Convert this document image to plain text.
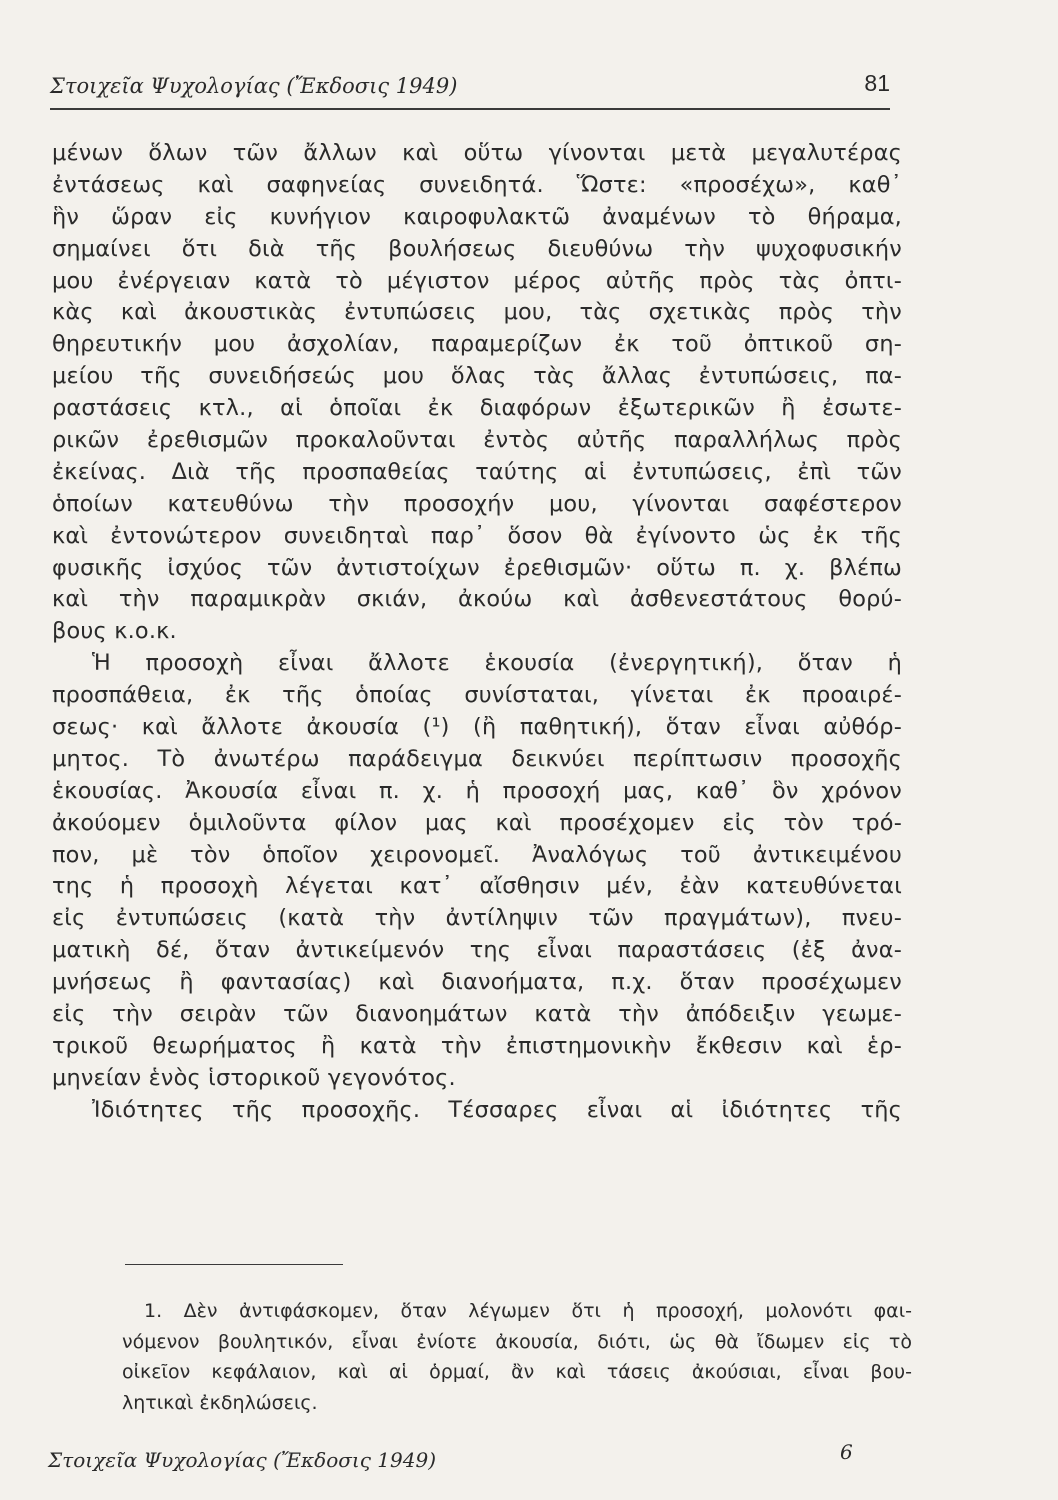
Στοιχεῖα Ψυχολογίας (Ἔκδοσις 1949)	81
μένων ὅλων τῶν ἄλλων καὶ οὕτω γίνονται μετὰ μεγαλυτέρας
ἐντάσεως καὶ σαφηνείας συνειδητά. Ὥστε: «προσέχω», καθ᾿
ἣν ὥραν εἰς κυνήγιον καιροφυλακτῶ ἀναμένων τὸ θήραμα,
σημαίνει ὅτι διὰ τῆς βουλήσεως διευθύνω τὴν ψυχοφυσικήν
μου ἐνέργειαν κατὰ τὸ μέγιστον μέρος αὐτῆς πρὸς τὰς ὀπτι-
κὰς καὶ ἀκουστικὰς ἐντυπώσεις μου, τὰς σχετικὰς πρὸς τὴν
θηρευτικήν μου ἀσχολίαν, παραμερίζων ἐκ τοῦ ὀπτικοῦ ση-
μείου τῆς συνειδήσεώς μου ὅλας τὰς ἄλλας ἐντυπώσεις, πα-
ραστάσεις κτλ., αἱ ὁποῖαι ἐκ διαφόρων ἐξωτερικῶν ἢ ἐσωτε-
ρικῶν ἐρεθισμῶν προκαλοῦνται ἐντὸς αὐτῆς παραλλήλως πρὸς
ἐκείνας. Διὰ τῆς προσπαθείας ταύτης αἱ ἐντυπώσεις, ἐπὶ τῶν
ὁποίων κατευθύνω τὴν προσοχήν μου, γίνονται σαφέστερον
καὶ ἐντονώτερον συνειδηταὶ παρ᾿ ὅσον θὰ ἐγίνοντο ὡς ἐκ τῆς
φυσικῆς ἰσχύος τῶν ἀντιστοίχων ἐρεθισμῶν· οὕτω π. χ. βλέπω
καὶ τὴν παραμικρὰν σκιάν, ἀκούω καὶ ἀσθενεστάτους θορύ-
βους κ.ο.κ.
Ἡ προσοχὴ εἶναι ἄλλοτε ἑκουσία (ἐνεργητική), ὅταν ἡ
προσπάθεια, ἐκ τῆς ὁποίας συνίσταται, γίνεται ἐκ προαιρέ-
σεως· καὶ ἄλλοτε ἀκουσία (¹) (ἢ παθητική), ὅταν εἶναι αὐθόρ-
μητος. Τὸ ἀνωτέρω παράδειγμα δεικνύει περίπτωσιν προσοχῆς
ἑκουσίας. Ἀκουσία εἶναι π. χ. ἡ προσοχή μας, καθ᾿ ὃν χρόνον
ἀκούομεν ὁμιλοῦντα φίλον μας καὶ προσέχομεν εἰς τὸν τρό-
πον, μὲ τὸν ὁποῖον χειρονομεῖ. Ἀναλόγως τοῦ ἀντικειμένου
της ἡ προσοχὴ λέγεται κατ᾿ αἴσθησιν μέν, ἐὰν κατευθύνεται
εἰς ἐντυπώσεις (κατὰ τὴν ἀντίληψιν τῶν πραγμάτων), πνευ-
ματικὴ δέ, ὅταν ἀντικείμενόν της εἶναι παραστάσεις (ἐξ ἀνα-
μνήσεως ἢ φαντασίας) καὶ διανοήματα, π.χ. ὅταν προσέχωμεν
εἰς τὴν σειρὰν τῶν διανοημάτων κατὰ τὴν ἀπόδειξιν γεωμε-
τρικοῦ θεωρήματος ἢ κατὰ τὴν ἐπιστημονικὴν ἔκθεσιν καὶ ἑρ-
μηνείαν ἑνὸς ἱστορικοῦ γεγονότος.
Ἰδιότητες τῆς προσοχῆς. Τέσσαρες εἶναι αἱ ἰδιότητες τῆς
1. Δὲν ἀντιφάσκομεν, ὅταν λέγωμεν ὅτι ἡ προσοχή, μολονότι φαι-
νόμενον βουλητικόν, εἶναι ἐνίοτε ἀκουσία, διότι, ὡς θὰ ἴδωμεν εἰς τὸ
οἰκεῖον κεφάλαιον, καὶ αἱ ὁρμαί, ἂν καὶ τάσεις ἀκούσιαι, εἶναι βου-
λητικαὶ ἐκδηλώσεις.
Στοιχεῖα Ψυχολογίας (Ἔκδοσις 1949)	6
